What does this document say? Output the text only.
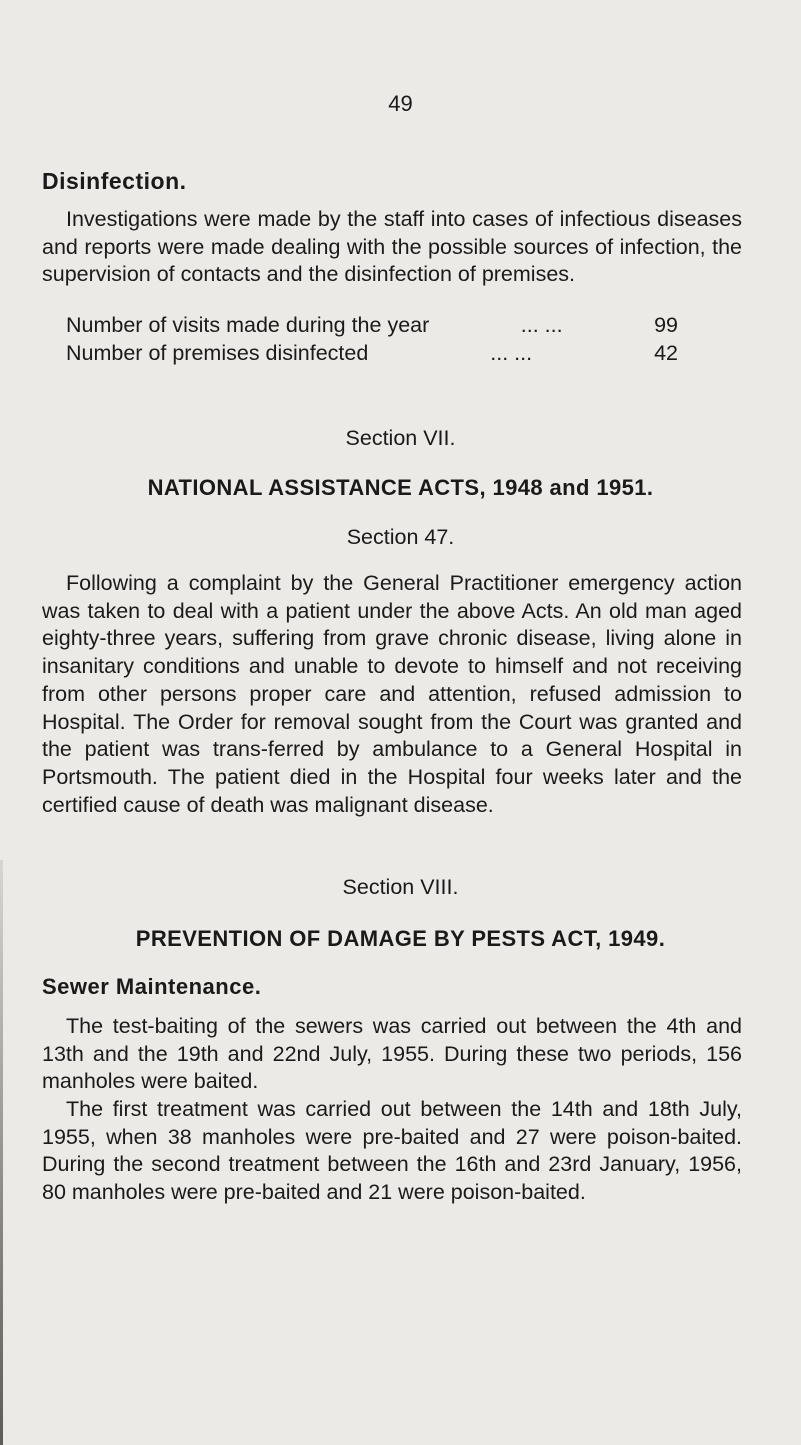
49
Disinfection.

Investigations were made by the staff into cases of infectious diseases and reports were made dealing with the possible sources of infection, the supervision of contacts and the disinfection of premises.

Number of visits made during the year	... ...	99
Number of premises disinfected	... ...	42
Section VII.
NATIONAL ASSISTANCE ACTS, 1948 and 1951.
Section 47.

Following a complaint by the General Practitioner emergency action was taken to deal with a patient under the above Acts. An old man aged eighty-three years, suffering from grave chronic disease, living alone in insanitary conditions and unable to devote to himself and not receiving from other persons proper care and attention, refused admission to Hospital. The Order for removal sought from the Court was granted and the patient was trans-ferred by ambulance to a General Hospital in Portsmouth. The patient died in the Hospital four weeks later and the certified cause of death was malignant disease.

Section VIII.
PREVENTION OF DAMAGE BY PESTS ACT, 1949.
Sewer Maintenance.

The test-baiting of the sewers was carried out between the 4th and 13th and the 19th and 22nd July, 1955. During these two periods, 156 manholes were baited.

The first treatment was carried out between the 14th and 18th July, 1955, when 38 manholes were pre-baited and 27 were poison-baited. During the second treatment between the 16th and 23rd January, 1956, 80 manholes were pre-baited and 21 were poison-baited.
